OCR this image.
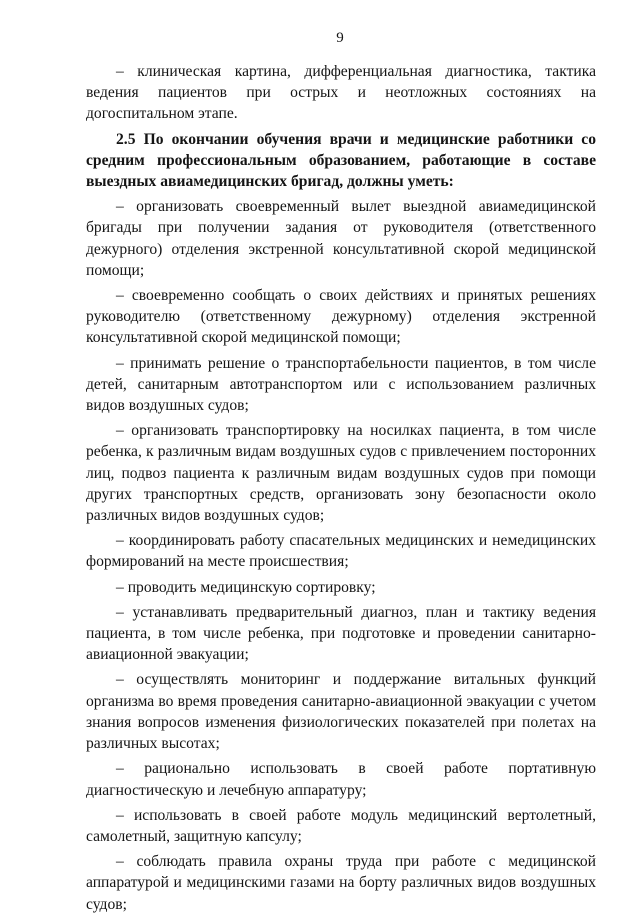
9

– клиническая картина, дифференциальная диагностика, тактика ведения пациентов при острых и неотложных состояниях на догоспитальном этапе.

2.5 По окончании обучения врачи и медицинские работники со средним профессиональным образованием, работающие в составе выездных авиамедицинских бригад, должны уметь:

– организовать своевременный вылет выездной авиамедицинской бригады при получении задания от руководителя (ответственного дежурного) отделения экстренной консультативной скорой медицинской помощи;

– своевременно сообщать о своих действиях и принятых решениях руководителю (ответственному дежурному) отделения экстренной консультативной скорой медицинской помощи;

– принимать решение о транспортабельности пациентов, в том числе детей, санитарным автотранспортом или с использованием различных видов воздушных судов;

– организовать транспортировку на носилках пациента, в том числе ребенка, к различным видам воздушных судов с привлечением посторонних лиц, подвоз пациента к различным видам воздушных судов при помощи других транспортных средств, организовать зону безопасности около различных видов воздушных судов;

– координировать работу спасательных медицинских и немедицинских формирований на месте происшествия;

– проводить медицинскую сортировку;

– устанавливать предварительный диагноз, план и тактику ведения пациента, в том числе ребенка, при подготовке и проведении санитарно-авиационной эвакуации;

– осуществлять мониторинг и поддержание витальных функций организма во время проведения санитарно-авиационной эвакуации с учетом знания вопросов изменения физиологических показателей при полетах на различных высотах;

– рационально использовать в своей работе портативную диагностическую и лечебную аппаратуру;

– использовать в своей работе модуль медицинский вертолетный, самолетный, защитную капсулу;

– соблюдать правила охраны труда при работе с медицинской аппаратурой и медицинскими газами на борту различных видов воздушных судов;
